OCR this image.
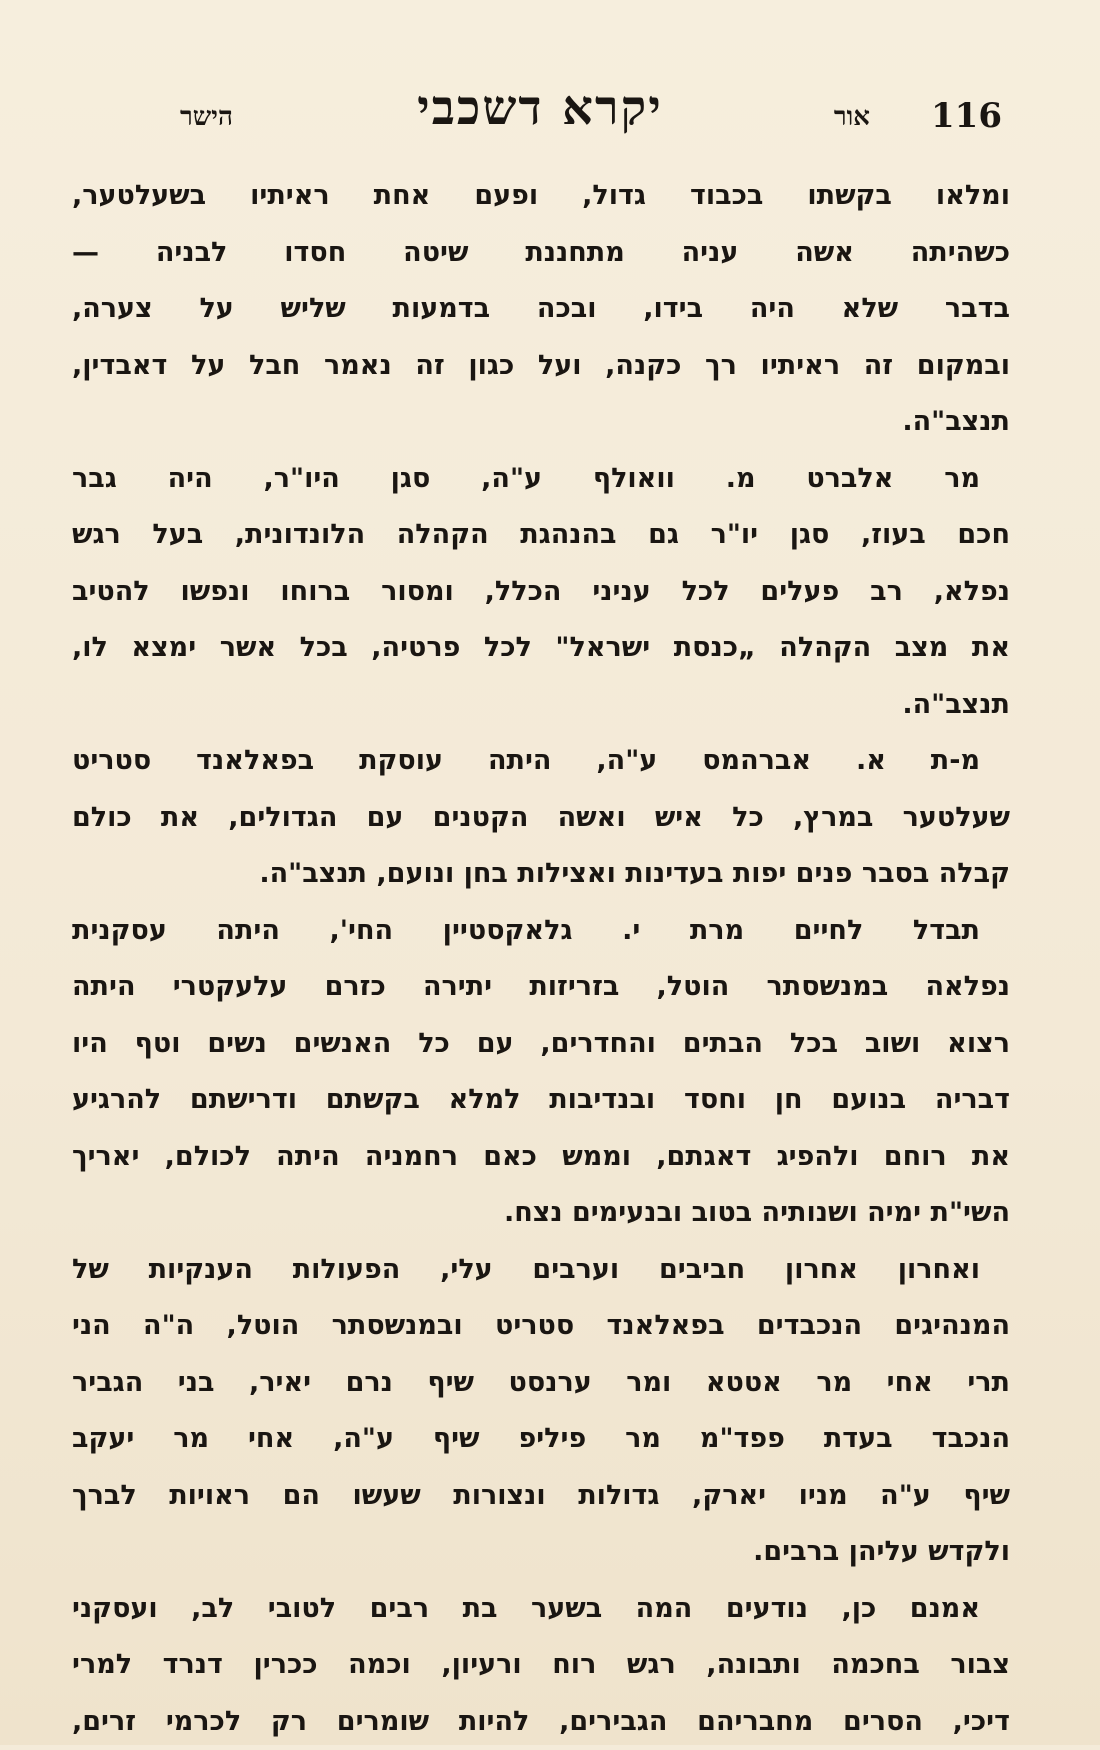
116
אור
יקרא דשכבי
הישר
ומלאו בקשתו בכבוד גדול, ופעם אחת ראיתיו בשעלטער,
כשהיתה אשה עניה מתחננת שיטה חסדו לבניה —
בדבר שלא היה בידו, ובכה בדמעות שליש על צערה,
ובמקום זה ראיתיו רך כקנה, ועל כגון זה נאמר חבל על דאבדין,
תנצב"ה.
מר אלברט מ. וואולף ע"ה, סגן היו"ר, היה גבר
חכם בעוז, סגן יו"ר גם בהנהגת הקהלה הלונדונית, בעל רגש
נפלא, רב פעלים לכל עניני הכלל, ומסור ברוחו ונפשו להטיב
את מצב הקהלה „כנסת ישראל" לכל פרטיה, בכל אשר ימצא לו,
תנצב"ה.
מ-ת א. אברהמס ע"ה, היתה עוסקת בפאלאנד סטריט
שעלטער במרץ, כל איש ואשה הקטנים עם הגדולים, את כולם
קבלה בסבר פנים יפות בעדינות ואצילות בחן ונועם, תנצב"ה.
תבדל לחיים מרת י. גלאקסטיין החי', היתה עסקנית
נפלאה במנשסתר הוטל, בזריזות יתירה כזרם עלעקטרי היתה
רצוא ושוב בכל הבתים והחדרים, עם כל האנשים נשים וטף היו
דבריה בנועם חן וחסד ובנדיבות למלא בקשתם ודרישתם להרגיע
את רוחם ולהפיג דאגתם, וממש כאם רחמניה היתה לכולם, יאריך
השי"ת ימיה ושנותיה בטוב ובנעימים נצח.
ואחרון אחרון חביבים וערבים עלי, הפעולות הענקיות של
המנהיגים הנכבדים בפאלאנד סטריט ובמנשסתר הוטל, ה"ה הני
תרי אחי מר אטטא ומר ערנסט שיף נרם יאיר, בני הגביר
הנכבד בעדת פפד"מ מר פיליפ שיף ע"ה, אחי מר יעקב
שיף ע"ה מניו יארק, גדולות ונצורות שעשו הם ראויות לברך
ולקדש עליהן ברבים.
אמנם כן, נודעים המה בשער בת רבים לטובי לב, ועסקני
צבור בחכמה ותבונה, רגש רוח ורעיון, וכמה ככרין דנרד למרי
דיכי, הסרים מחבריהם הגבירים, להיות שומרים רק לכרמי זרים,
